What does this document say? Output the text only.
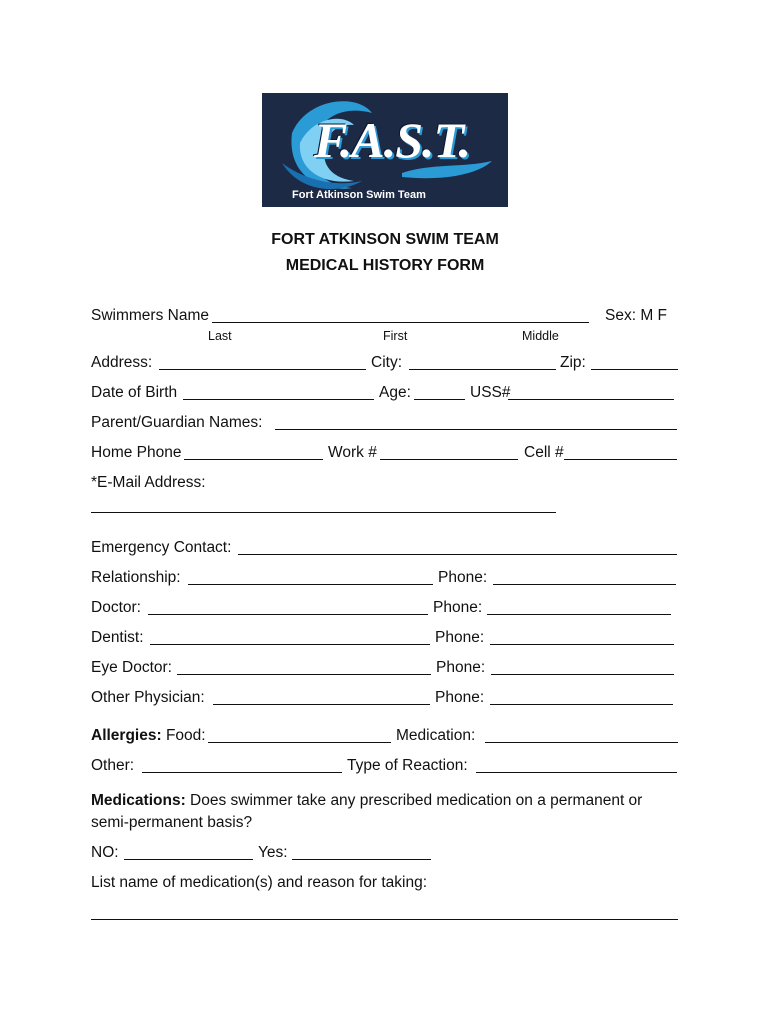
F.A.S.T.
Fort Atkinson Swim Team
FORT ATKINSON SWIM TEAM
MEDICAL HISTORY FORM
Swimmers Name	Sex: M F
Last	First	Middle
Address:	City:	Zip:
Date of Birth	Age:	USS#
Parent/Guardian Names:
Home Phone	Work #	Cell #
*E-Mail Address:
Emergency Contact:
Relationship:	Phone:
Doctor:	Phone:
Dentist:	Phone:
Eye Doctor:	Phone:
Other Physician:	Phone:
Allergies: Food:	Medication:
Other:	Type of Reaction:
Medications: Does swimmer take any prescribed medication on a permanent or
semi-permanent basis?
NO:	Yes:
List name of medication(s) and reason for taking:
